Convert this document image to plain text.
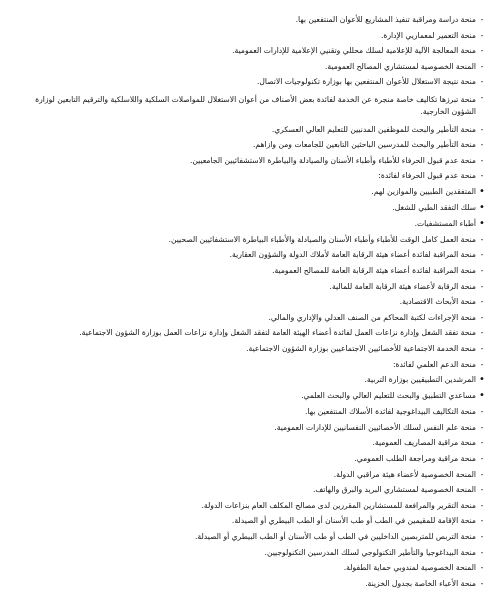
-
منحة دراسة ومراقبة تنفيذ المشاريع للأعوان المنتفعين بها.
-
منحة التعمير لمعماريي الإدارة.
-
منحة المعالجة الآلية للإعلامية لسلك محللي وتقنيي الإعلامية للإدارات العمومية.
-
المنحة الخصوصية لمستشاري المصالح العمومية.
-
منحة نتيجة الاستغلال للأعوان المنتفعين بها بوزارة تكنولوجيات الاتصال.
-
منحة تبرزها تكاليف خاصة منجرة عن الخدمة لفائدة بعض الأصناف من أعوان الاستغلال للمواصلات السلكية واللاسلكية والترقيم التابعين لوزارة الشؤون الخارجية.
-
منحة التأطير والبحث للموظفين المدنيين للتعليم العالي العسكري.
-
منحة التأطير والبحث للمدرسين الباحثين التابعين للجامعات ومن وازاهم.
-
منحة عدم قبول الحرفاء للأطباء وأطباء الأسنان والصيادلة والبياطرة الاستشفائيين الجامعيين.
-
منحة عدم قبول الحرفاء لفائدة:
•
المتفقدين الطبيين والموازين لهم.
•
سلك التفقد الطبي للشغل.
•
أطباء المستشفيات.
-
منحة العمل كامل الوقت للأطباء وأطباء الأسنان والصيادلة والأطباء البياطرة الاستشفائيين الصحيين.
-
منحة المراقبة لفائدة أعضاء هيئة الرقابة العامة لأملاك الدولة والشؤون العقارية.
-
منحة المراقبة لفائدة أعضاء هيئة الرقابة العامة للمصالح العمومية.
-
منحة الرقابة لأعضاء هيئة الرقابة العامة للمالية.
-
منحة الأبحاث الاقتصادية.
-
منحة الإجراءات لكتبة المحاكم من الصنف العدلي والإداري والمالي.
-
منحة تفقد الشغل وإدارة نزاعات العمل لفائدة أعضاء الهيئة العامة لتفقد الشغل وإدارة نزاعات العمل بوزارة الشؤون الاجتماعية.
-
منحة الخدمة الاجتماعية للأخصائيين الاجتماعيين بوزارة الشؤون الاجتماعية.
-
منحة الدعم العلمي لفائدة:
•
المرشدين التطبيقيين بوزارة التربية.
•
مساعدي التطبيق والبحث للتعليم العالي والبحث العلمي.
-
منحة التكاليف البيداغوجية لفائدة الأسلاك المنتفعين بها.
-
منحة علم النفس لسلك الأخصائيين النفسانيين للإدارات العمومية.
-
منحة مراقبة المصاريف العمومية.
-
منحة مراقبة ومراجعة الطلب العمومي.
-
المنحة الخصوصية لأعضاء هيئة مراقبي الدولة.
-
المنحة الخصوصية لمستشاري البريد والبرق والهاتف.
-
منحة التقرير والمرافعة للمستشارين المقررين لدى مصالح المكلف العام بنزاعات الدولة.
-
منحة الإقامة للمقيمين في الطب أو طب الأسنان أو الطب البيطري أو الصيدلة.
-
منحة التربص للمتربصين الداخليين في الطب أو طب الأسنان أو الطب البيطري أو الصيدلة.
-
منحة البيداغوجيا والتأطير التكنولوجي لسلك المدرسين التكنولوجيين.
-
المنحة الخصوصية لمندوبي حماية الطفولة.
-
منحة الأعباء الخاصة بجدول الخزينة.
